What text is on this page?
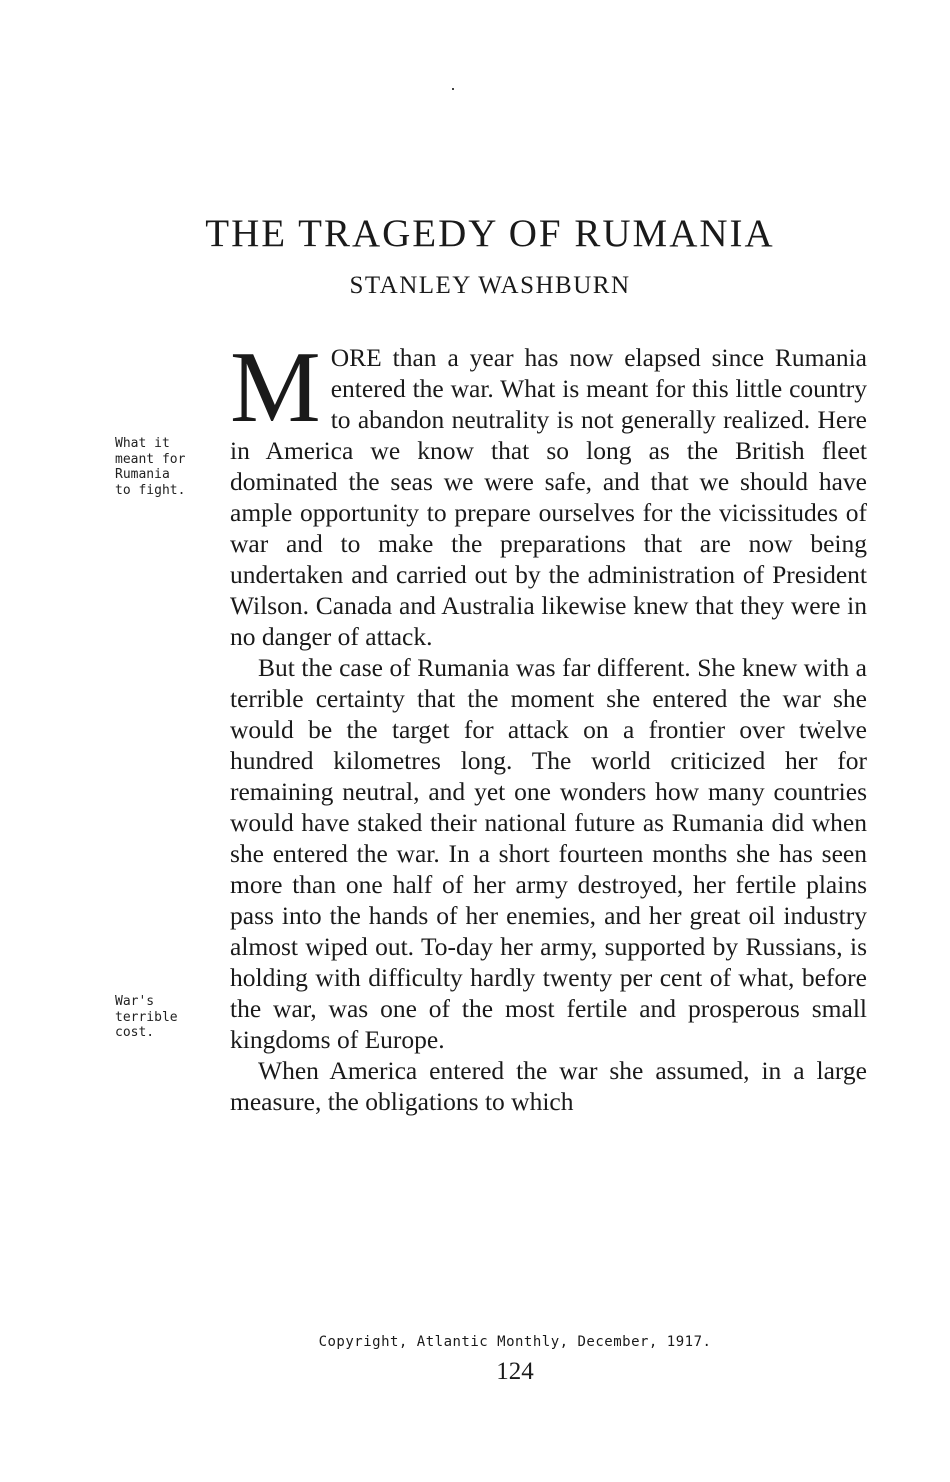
THE TRAGEDY OF RUMANIA
STANLEY WASHBURN
What it
meant for
Rumania
to fight.
War's
terrible
cost.

MORE than a year has now elapsed since Rumania entered the war. What is meant for this little country to abandon neutrality is not generally realized. Here in America we know that so long as the British fleet dominated the seas we were safe, and that we should have ample opportunity to prepare ourselves for the vicissitudes of war and to make the preparations that are now being undertaken and carried out by the administration of President Wilson. Canada and Australia likewise knew that they were in no danger of attack.

But the case of Rumania was far different. She knew with a terrible certainty that the moment she entered the war she would be the target for attack on a frontier over twelve hundred kilometres long. The world criticized her for remaining neutral, and yet one wonders how many countries would have staked their national future as Rumania did when she entered the war. In a short fourteen months she has seen more than one half of her army destroyed, her fertile plains pass into the hands of her enemies, and her great oil industry almost wiped out. To-day her army, supported by Russians, is holding with difficulty hardly twenty per cent of what, before the war, was one of the most fertile and prosperous small kingdoms of Europe.

When America entered the war she assumed, in a large measure, the obligations to which

Copyright, Atlantic Monthly, December, 1917.
124
